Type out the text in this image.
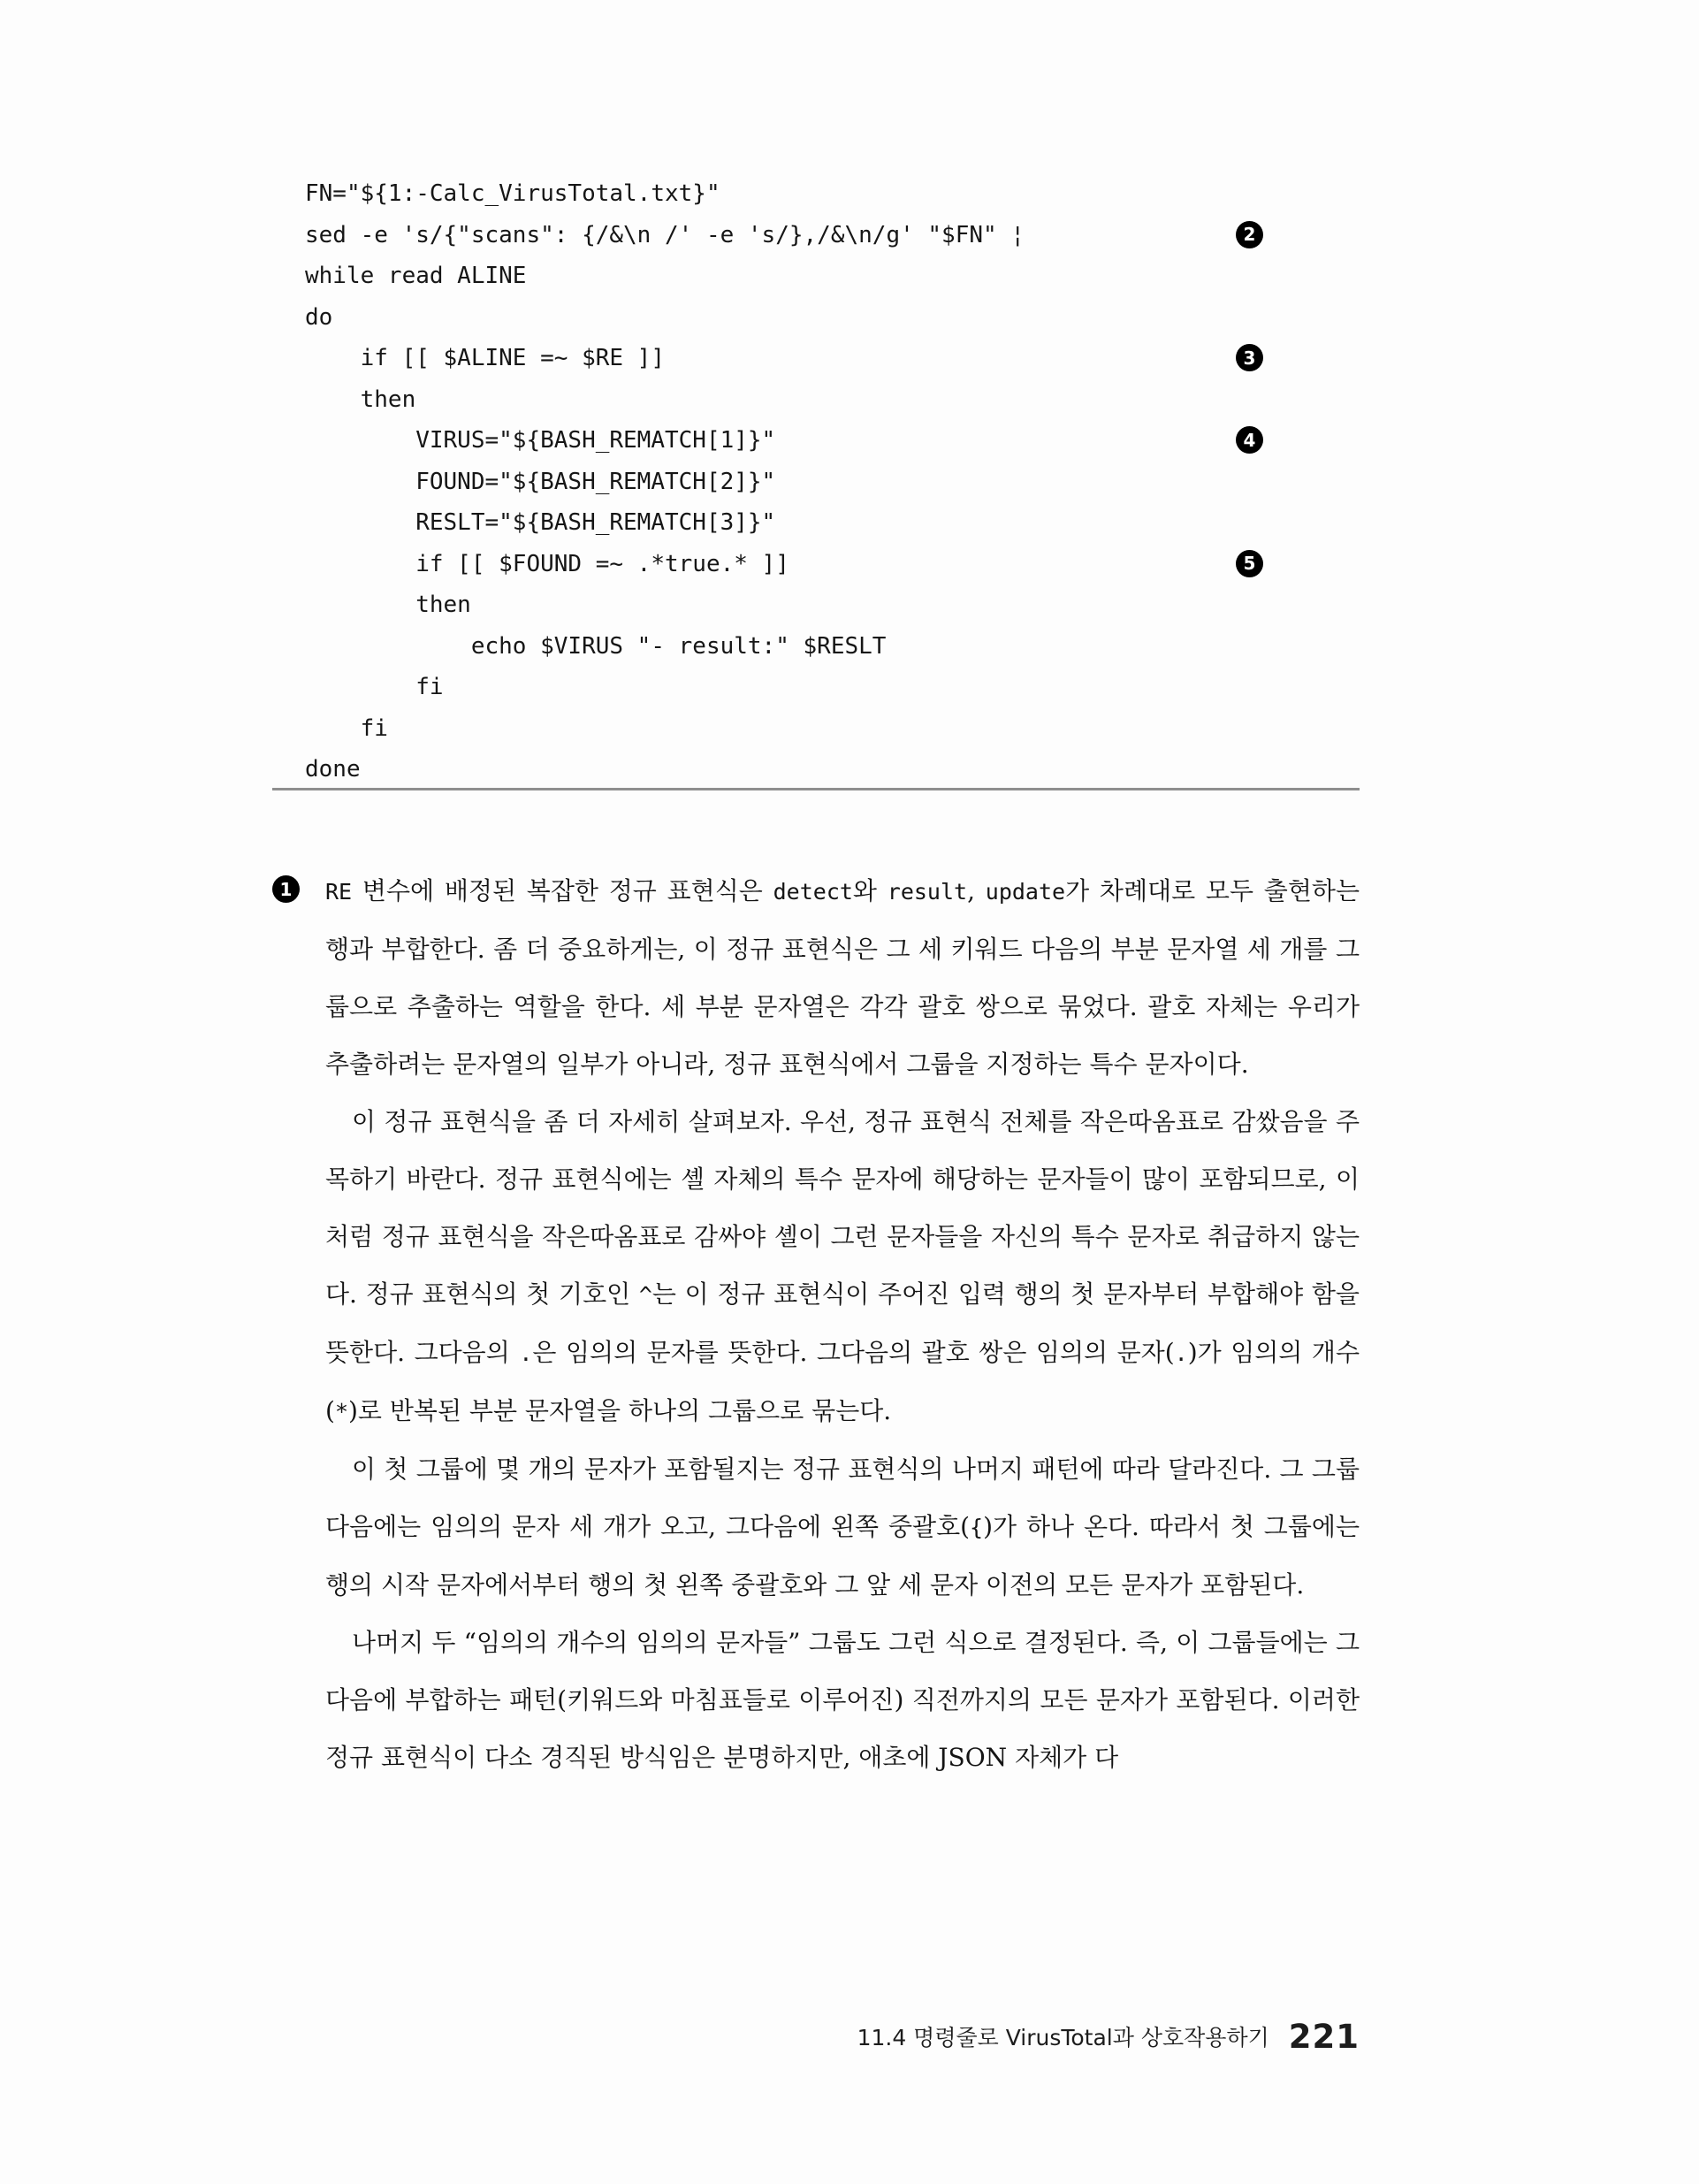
FN="${1:-Calc_VirusTotal.txt}"
sed -e 's/{"scans": {/&\n /' -e 's/},/&\n/g' "$FN" ¦	2
while read ALINE
do
if [[ $ALINE =~ $RE ]]	3
then
VIRUS="${BASH_REMATCH[1]}"	4
FOUND="${BASH_REMATCH[2]}"
RESLT="${BASH_REMATCH[3]}"
if [[ $FOUND =~ .*true.* ]]	5
then
echo $VIRUS "- result:" $RESLT
fi
fi
done
1	RE 변수에 배정된 복잡한 정규 표현식은 detect와 result, update가 차례대로 모두 출현하는 행과 부합한다. 좀 더 중요하게는, 이 정규 표현식은 그 세 키워드 다음의 부분 문자열 세 개를 그룹으로 추출하는 역할을 한다. 세 부분 문자열은 각각 괄호 쌍으로 묶었다. 괄호 자체는 우리가 추출하려는 문자열의 일부가 아니라, 정규 표현식에서 그룹을 지정하는 특수 문자이다.

이 정규 표현식을 좀 더 자세히 살펴보자. 우선, 정규 표현식 전체를 작은따옴표로 감쌌음을 주목하기 바란다. 정규 표현식에는 셸 자체의 특수 문자에 해당하는 문자들이 많이 포함되므로, 이처럼 정규 표현식을 작은따옴표로 감싸야 셸이 그런 문자들을 자신의 특수 문자로 취급하지 않는다. 정규 표현식의 첫 기호인 ^는 이 정규 표현식이 주어진 입력 행의 첫 문자부터 부합해야 함을 뜻한다. 그다음의 .은 임의의 문자를 뜻한다. 그다음의 괄호 쌍은 임의의 문자(.)가 임의의 개수(*)로 반복된 부분 문자열을 하나의 그룹으로 묶는다.

이 첫 그룹에 몇 개의 문자가 포함될지는 정규 표현식의 나머지 패턴에 따라 달라진다. 그 그룹 다음에는 임의의 문자 세 개가 오고, 그다음에 왼쪽 중괄호({)가 하나 온다. 따라서 첫 그룹에는 행의 시작 문자에서부터 행의 첫 왼쪽 중괄호와 그 앞 세 문자 이전의 모든 문자가 포함된다.

나머지 두 “임의의 개수의 임의의 문자들” 그룹도 그런 식으로 결정된다. 즉, 이 그룹들에는 그다음에 부합하는 패턴(키워드와 마침표들로 이루어진) 직전까지의 모든 문자가 포함된다. 이러한 정규 표현식이 다소 경직된 방식임은 분명하지만, 애초에 JSON 자체가 다

11.4 명령줄로 VirusTotal과 상호작용하기 221
